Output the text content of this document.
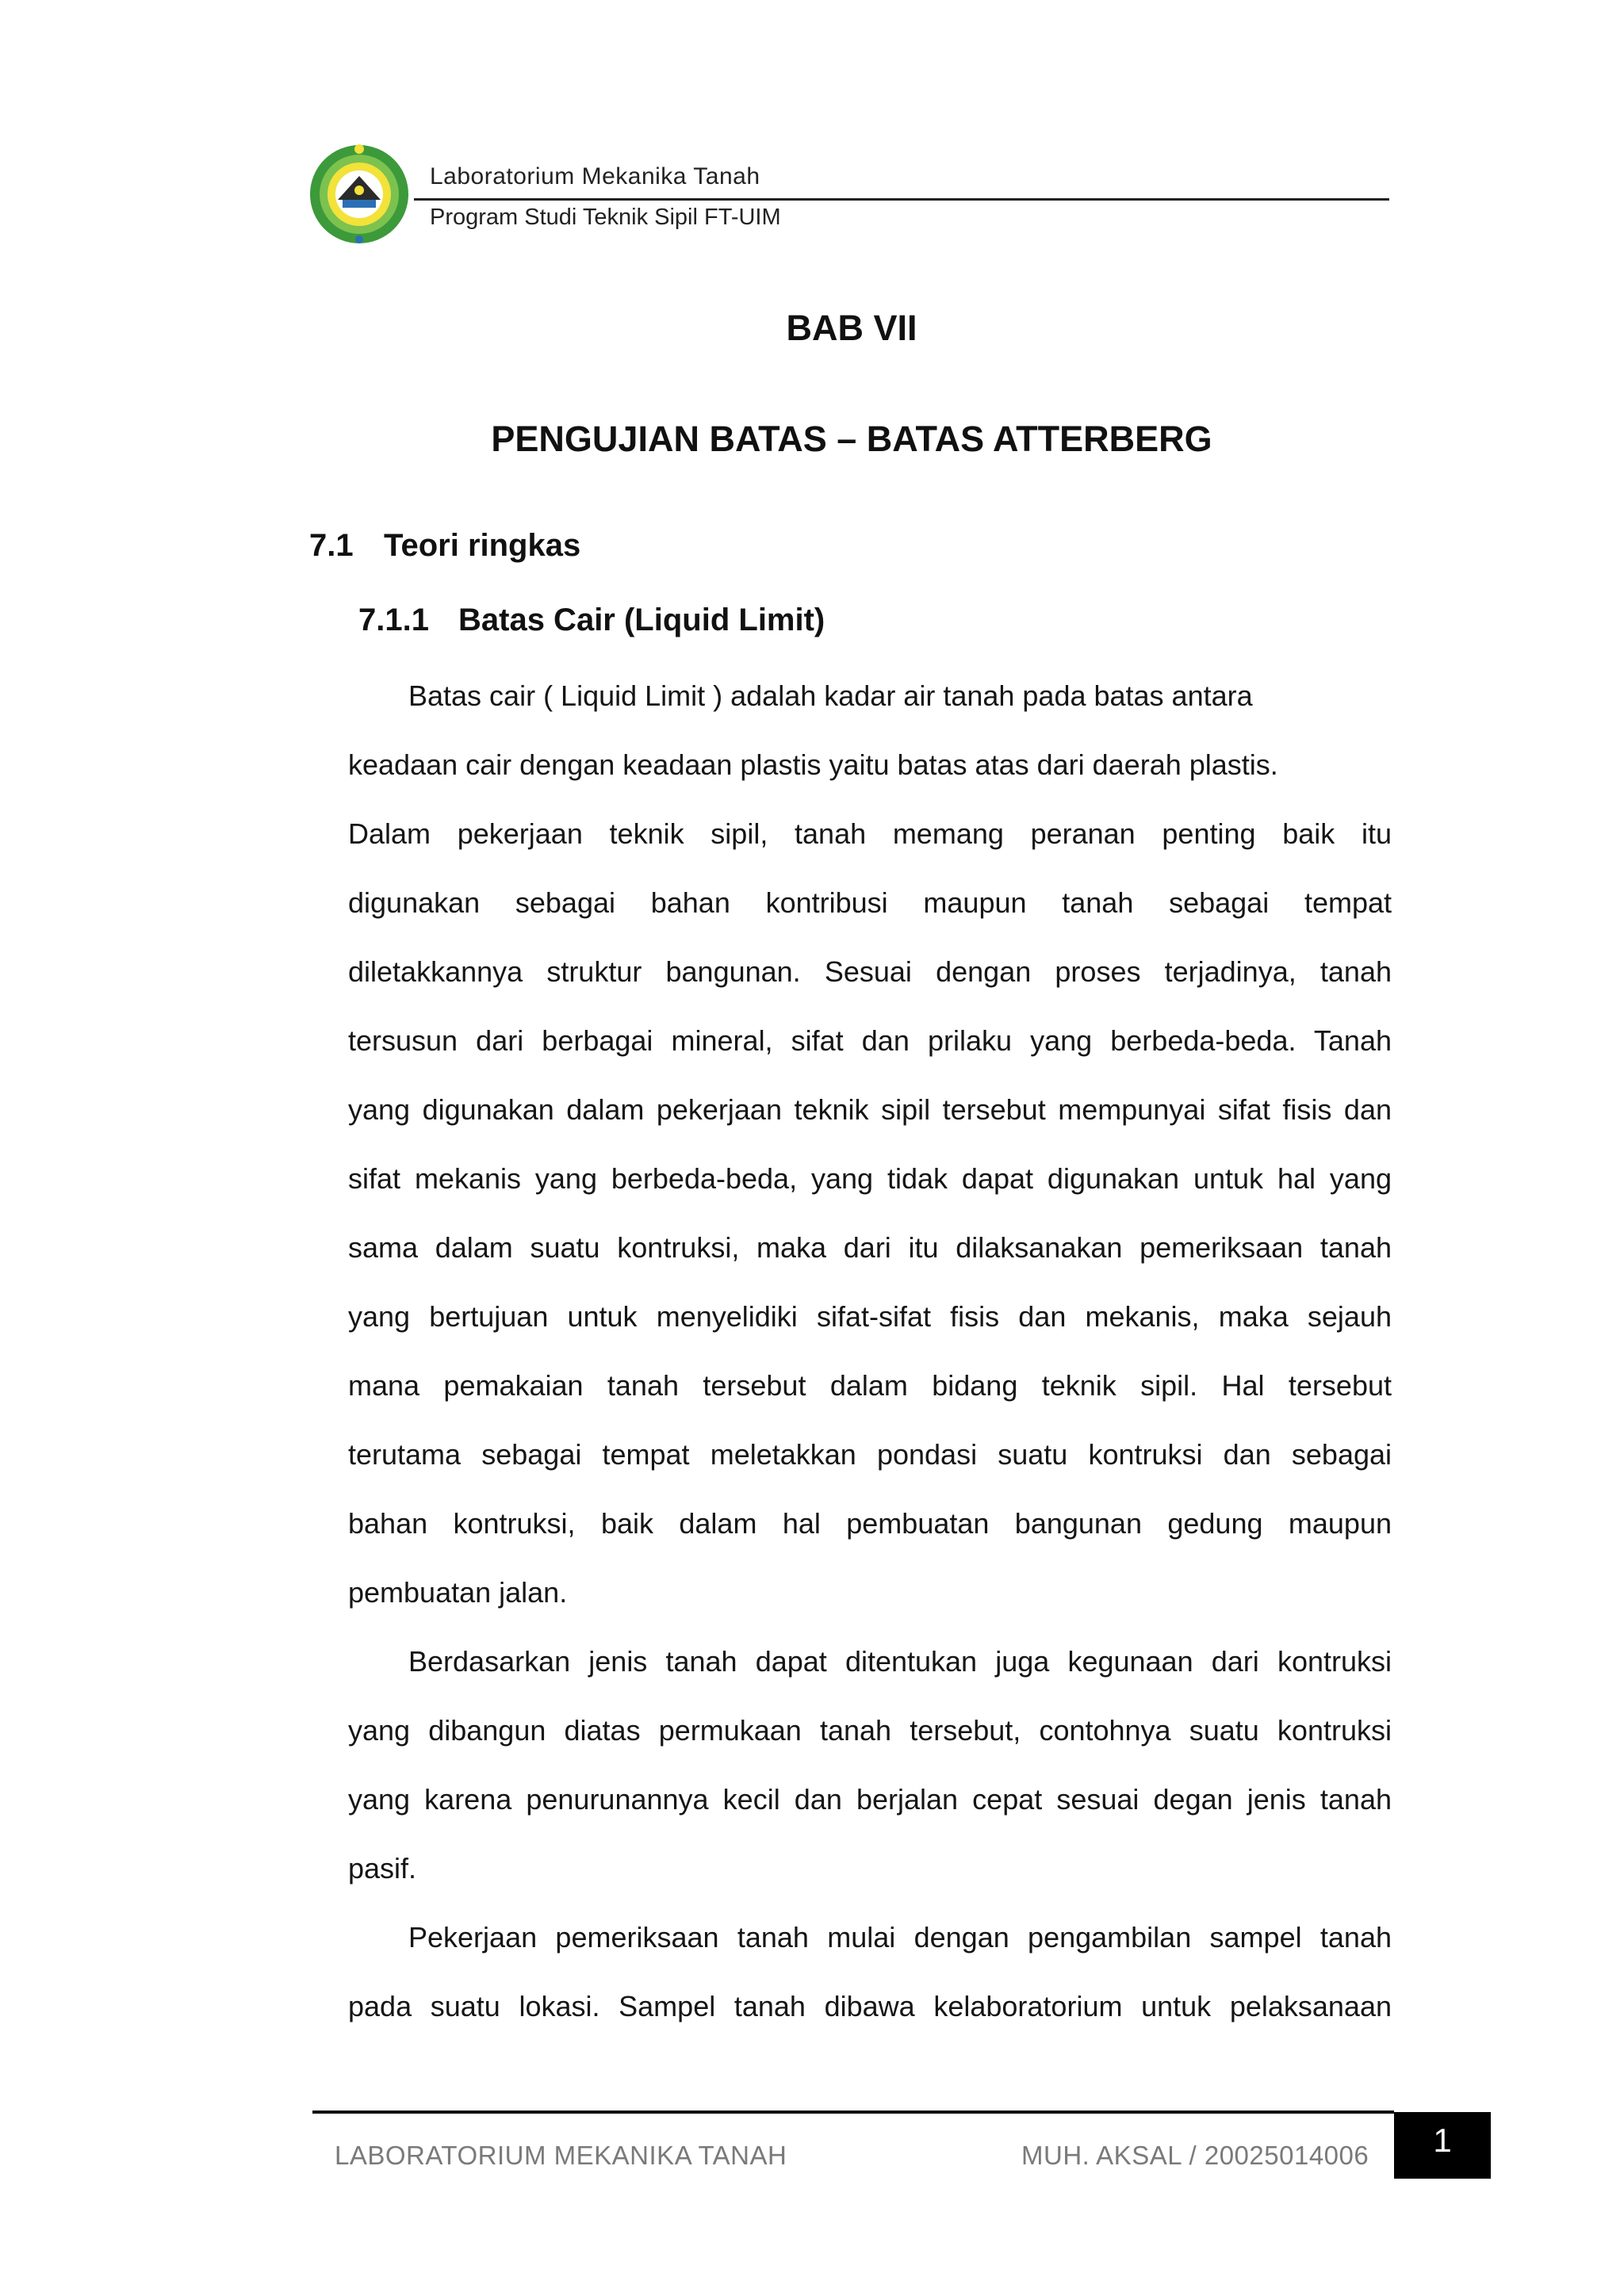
Laboratorium Mekanika Tanah
Program Studi Teknik Sipil FT-UIM
BAB VII
PENGUJIAN BATAS – BATAS ATTERBERG
7.1 Teori ringkas
7.1.1 Batas Cair (Liquid Limit)
Batas cair ( Liquid Limit ) adalah kadar air tanah pada batas antara
keadaan cair dengan keadaan plastis yaitu batas atas dari daerah plastis.
Dalam pekerjaan teknik sipil, tanah memang peranan penting baik itu
digunakan sebagai bahan kontribusi maupun tanah sebagai tempat
diletakkannya struktur bangunan. Sesuai dengan proses terjadinya, tanah
tersusun dari berbagai mineral, sifat dan prilaku yang berbeda-beda. Tanah
yang digunakan dalam pekerjaan teknik sipil tersebut mempunyai sifat fisis dan
sifat mekanis yang berbeda-beda, yang tidak dapat digunakan untuk hal yang
sama dalam suatu kontruksi, maka dari itu dilaksanakan pemeriksaan tanah
yang bertujuan untuk menyelidiki sifat-sifat fisis dan mekanis, maka sejauh
mana pemakaian tanah tersebut dalam bidang teknik sipil. Hal tersebut
terutama sebagai tempat meletakkan pondasi suatu kontruksi dan sebagai
bahan kontruksi, baik dalam hal pembuatan bangunan gedung maupun
pembuatan jalan.
Berdasarkan jenis tanah dapat ditentukan juga kegunaan dari kontruksi
yang dibangun diatas permukaan tanah tersebut, contohnya suatu kontruksi
yang karena penurunannya kecil dan berjalan cepat sesuai degan jenis tanah
pasif.
Pekerjaan pemeriksaan tanah mulai dengan pengambilan sampel tanah
pada suatu lokasi. Sampel tanah dibawa kelaboratorium untuk pelaksanaan
LABORATORIUM MEKANIKA TANAH	MUH. AKSAL / 20025014006	1
